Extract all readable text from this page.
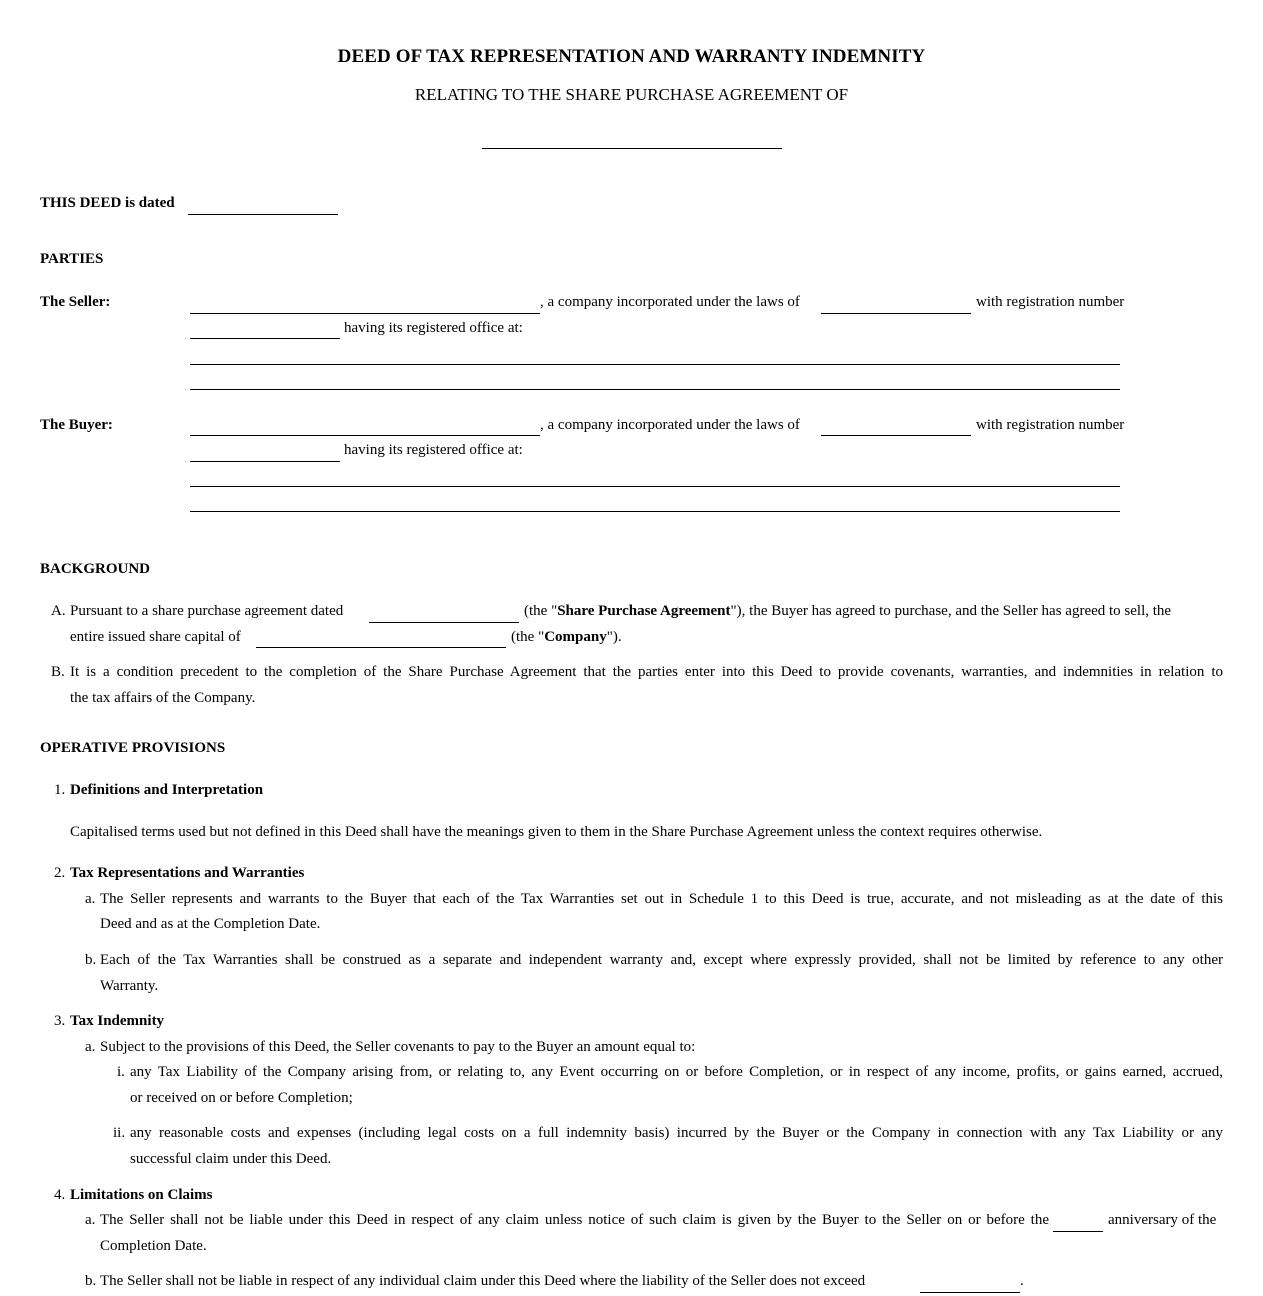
DEED OF TAX REPRESENTATION AND WARRANTY INDEMNITY
RELATING TO THE SHARE PURCHASE AGREEMENT OF
THIS DEED is dated
PARTIES
The Seller:	, a company incorporated under the laws of	with registration number
having its registered office at:
The Buyer:	, a company incorporated under the laws of	with registration number
having its registered office at:
BACKGROUND
A. Pursuant to a share purchase agreement dated	(the "Share Purchase Agreement"), the Buyer has agreed to purchase, and the Seller has agreed to sell, the
entire issued share capital of	(the "Company").
B. It is a condition precedent to the completion of the Share Purchase Agreement that the parties enter into this Deed to provide covenants, warranties, and indemnities in relation to
the tax affairs of the Company.
OPERATIVE PROVISIONS
1. Definitions and Interpretation
Capitalised terms used but not defined in this Deed shall have the meanings given to them in the Share Purchase Agreement unless the context requires otherwise.
2. Tax Representations and Warranties
a. The Seller represents and warrants to the Buyer that each of the Tax Warranties set out in Schedule 1 to this Deed is true, accurate, and not misleading as at the date of this
Deed and as at the Completion Date.
b. Each of the Tax Warranties shall be construed as a separate and independent warranty and, except where expressly provided, shall not be limited by reference to any other
Warranty.
3. Tax Indemnity
a. Subject to the provisions of this Deed, the Seller covenants to pay to the Buyer an amount equal to:
i. any Tax Liability of the Company arising from, or relating to, any Event occurring on or before Completion, or in respect of any income, profits, or gains earned, accrued,
or received on or before Completion;
ii. any reasonable costs and expenses (including legal costs on a full indemnity basis) incurred by the Buyer or the Company in connection with any Tax Liability or any
successful claim under this Deed.
4. Limitations on Claims
a. The Seller shall not be liable under this Deed in respect of any claim unless notice of such claim is given by the Buyer to the Seller on or before the	anniversary of the
Completion Date.
b. The Seller shall not be liable in respect of any individual claim under this Deed where the liability of the Seller does not exceed	.
